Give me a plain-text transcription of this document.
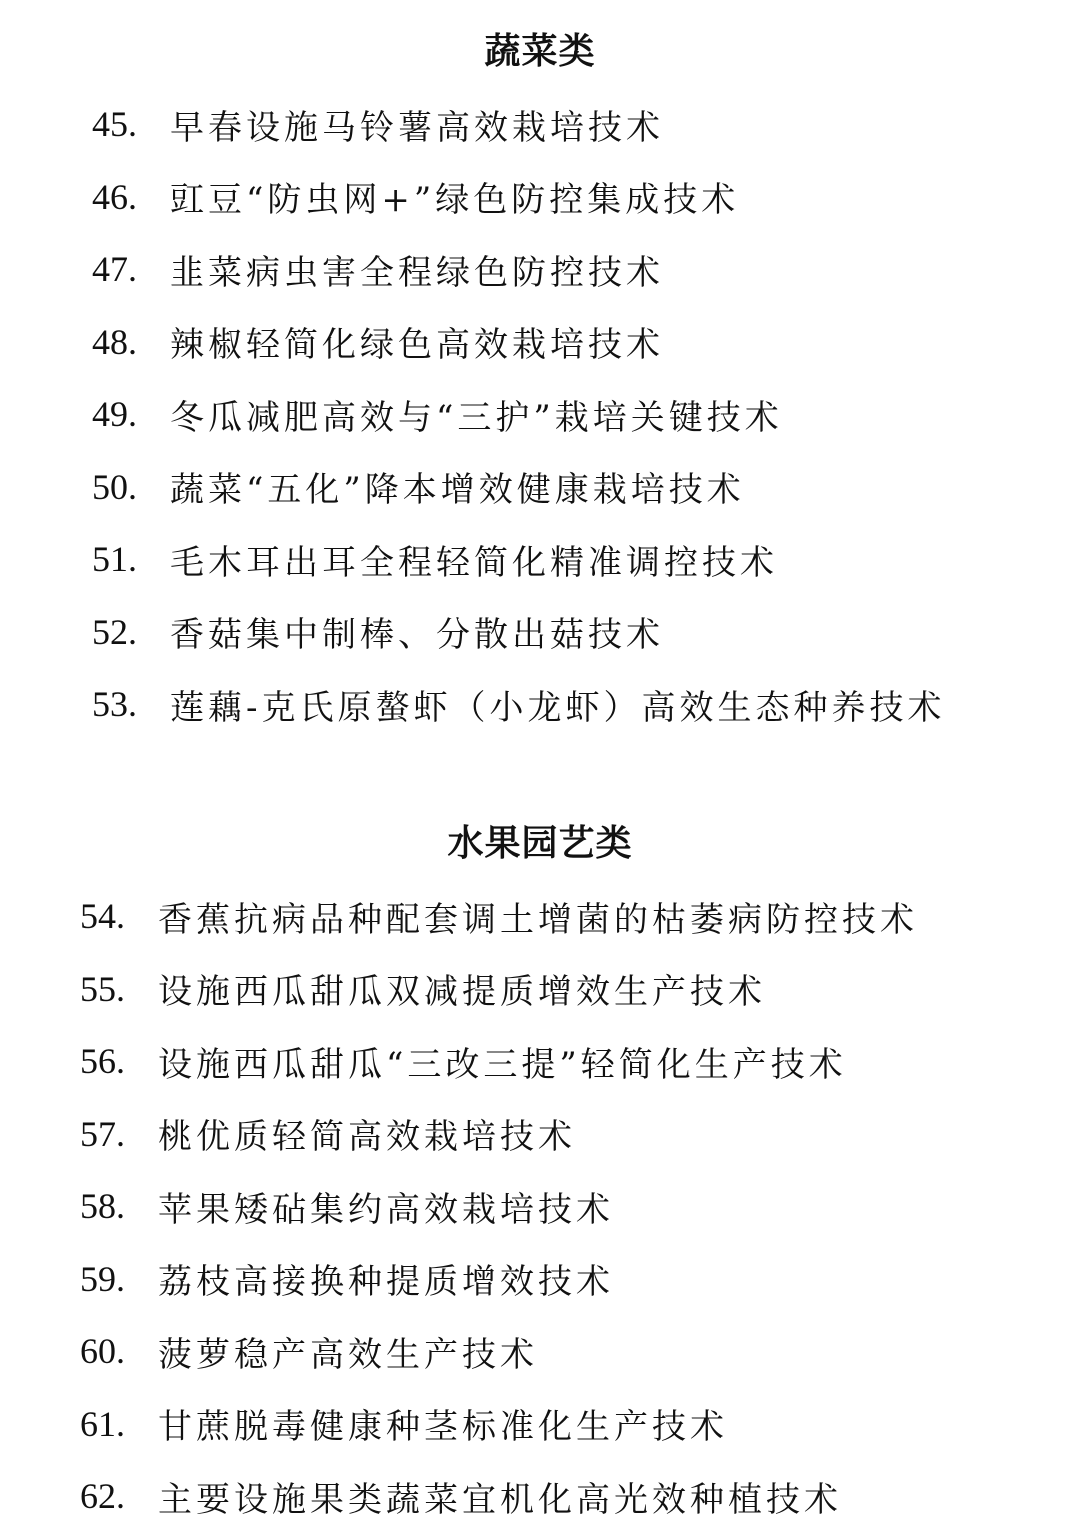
蔬菜类
45. 早春设施马铃薯高效栽培技术
46. 豇豆“防虫网+”绿色防控集成技术
47. 韭菜病虫害全程绿色防控技术
48. 辣椒轻简化绿色高效栽培技术
49. 冬瓜减肥高效与“三护”栽培关键技术
50. 蔬菜“五化”降本增效健康栽培技术
51. 毛木耳出耳全程轻简化精准调控技术
52. 香菇集中制棒、分散出菇技术
53. 莲藕-克氏原螯虾（小龙虾）高效生态种养技术
水果园艺类
54. 香蕉抗病品种配套调土增菌的枯萎病防控技术
55. 设施西瓜甜瓜双减提质增效生产技术
56. 设施西瓜甜瓜“三改三提”轻简化生产技术
57. 桃优质轻简高效栽培技术
58. 苹果矮砧集约高效栽培技术
59. 荔枝高接换种提质增效技术
60. 菠萝稳产高效生产技术
61. 甘蔗脱毒健康种茎标准化生产技术
62. 主要设施果类蔬菜宜机化高光效种植技术
